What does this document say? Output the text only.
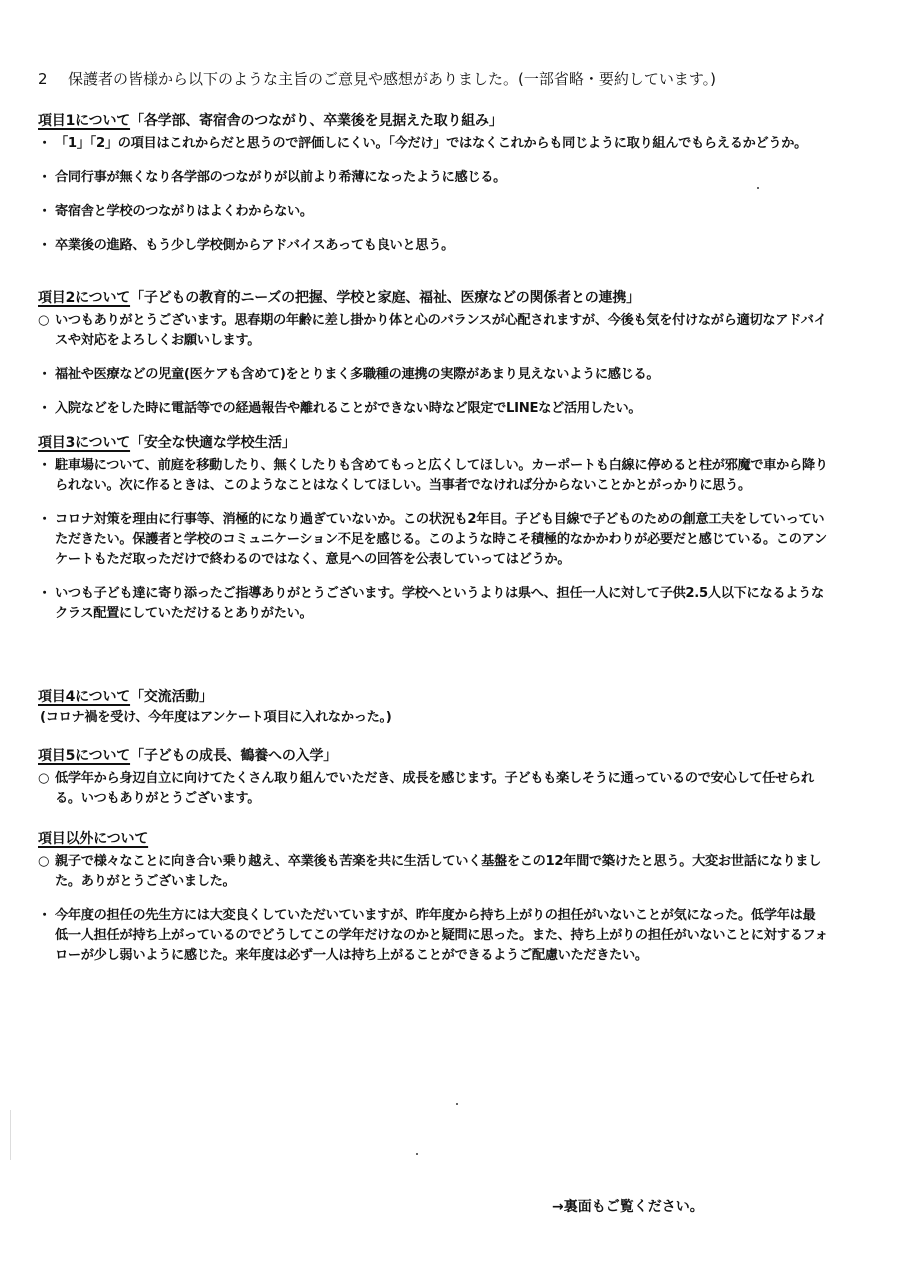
2 保護者の皆様から以下のような主旨のご意見や感想がありました。(一部省略・要約しています。)
項目1について「各学部、寄宿舎のつながり、卒業後を見据えた取り組み」
・ 「1」「2」の項目はこれからだと思うので評価しにくい。「今だけ」ではなくこれからも同じように取り組んでもらえるかどうか。
・ 合同行事が無くなり各学部のつながりが以前より希薄になったように感じる。
・ 寄宿舎と学校のつながりはよくわからない。
・ 卒業後の進路、もう少し学校側からアドバイスあっても良いと思う。
項目2について「子どもの教育的ニーズの把握、学校と家庭、福祉、医療などの関係者との連携」
○ いつもありがとうございます。思春期の年齢に差し掛かり体と心のバランスが心配されますが、今後も気を付けながら適切なアドバイスや対応をよろしくお願いします。
・ 福祉や医療などの児童(医ケアも含めて)をとりまく多職種の連携の実際があまり見えないように感じる。
・ 入院などをした時に電話等での経過報告や離れることができない時など限定でLINEなど活用したい。
項目3について「安全な快適な学校生活」
・ 駐車場について、前庭を移動したり、無くしたりも含めてもっと広くしてほしい。カーポートも白線に停めると柱が邪魔で車から降りられない。次に作るときは、このようなことはなくしてほしい。当事者でなければ分からないことかとがっかりに思う。
・ コロナ対策を理由に行事等、消極的になり過ぎていないか。この状況も2年目。子ども目線で子どものための創意工夫をしていっていただきたい。保護者と学校のコミュニケーション不足を感じる。このような時こそ積極的なかかわりが必要だと感じている。このアンケートもただ取っただけで終わるのではなく、意見への回答を公表していってはどうか。
・ いつも子ども達に寄り添ったご指導ありがとうございます。学校へというよりは県へ、担任一人に対して子供2.5人以下になるようなクラス配置にしていただけるとありがたい。
項目4について「交流活動」
(コロナ禍を受け、今年度はアンケート項目に入れなかった。)
項目5について「子どもの成長、鶴養への入学」
○ 低学年から身辺自立に向けてたくさん取り組んでいただき、成長を感じます。子どもも楽しそうに通っているので安心して任せられる。いつもありがとうございます。
項目以外について
○ 親子で様々なことに向き合い乗り越え、卒業後も苦楽を共に生活していく基盤をこの12年間で築けたと思う。大変お世話になりました。ありがとうございました。
・ 今年度の担任の先生方には大変良くしていただいていますが、昨年度から持ち上がりの担任がいないことが気になった。低学年は最低一人担任が持ち上がっているのでどうしてこの学年だけなのかと疑問に思った。また、持ち上がりの担任がいないことに対するフォローが少し弱いように感じた。来年度は必ず一人は持ち上がることができるようご配慮いただきたい。
→裏面もご覧ください。
